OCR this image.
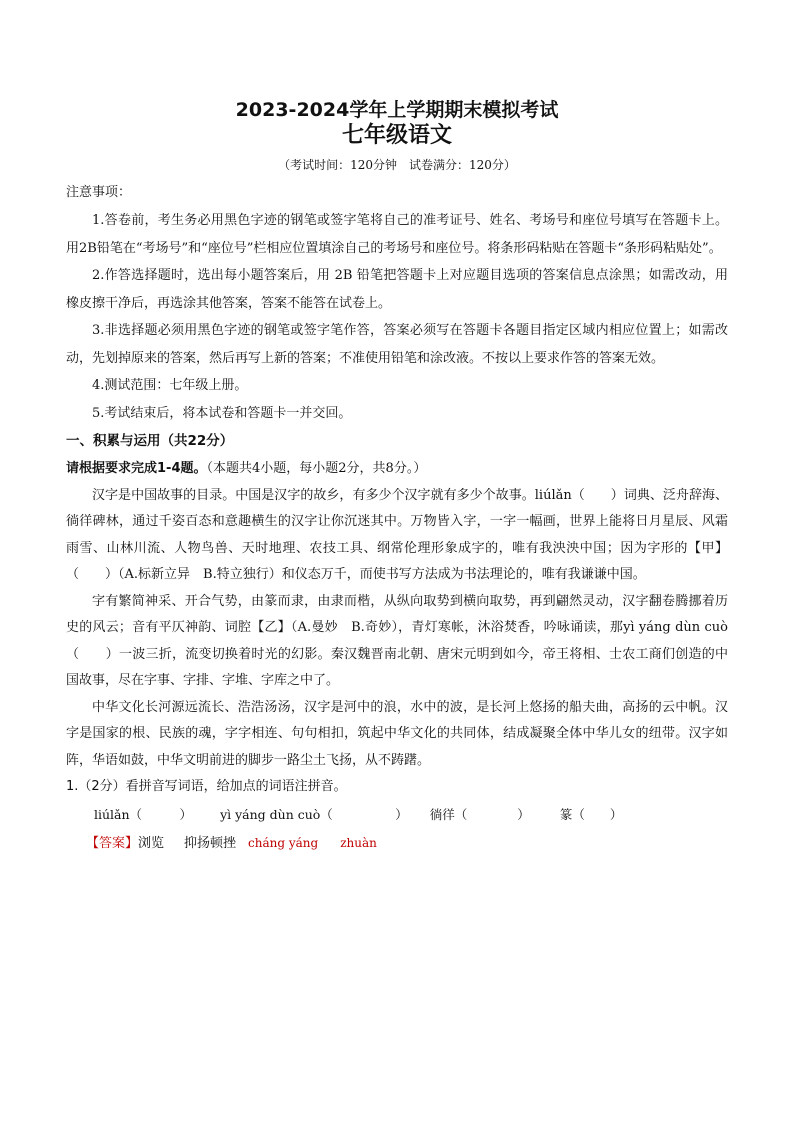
2023-2024学年上学期期末模拟考试
七年级语文
（考试时间：120分钟　试卷满分：120分）
注意事项：

1.答卷前，考生务必用黑色字迹的钢笔或签字笔将自己的准考证号、姓名、考场号和座位号填写在答题卡上。用2B铅笔在“考场号”和“座位号”栏相应位置填涂自己的考场号和座位号。将条形码粘贴在答题卡“条形码粘贴处”。

2.作答选择题时，选出每小题答案后，用 2B 铅笔把答题卡上对应题目选项的答案信息点涂黑；如需改动，用橡皮擦干净后，再选涂其他答案，答案不能答在试卷上。

3.非选择题必须用黑色字迹的钢笔或签字笔作答，答案必须写在答题卡各题目指定区域内相应位置上；如需改动，先划掉原来的答案，然后再写上新的答案；不准使用铅笔和涂改液。不按以上要求作答的答案无效。

4.测试范围：七年级上册。

5.考试结束后，将本试卷和答题卡一并交回。

一、积累与运用（共22分）

请根据要求完成1-4题。（本题共4小题，每小题2分，共8分。）

汉字是中国故事的目录。中国是汉字的故乡，有多少个汉字就有多少个故事。liúlǎn（　　）词典、泛舟辞海、徜徉碑林，通过千姿百态和意趣横生的汉字让你沉迷其中。万物皆入字，一字一幅画，世界上能将日月星辰、风霜雨雪、山林川流、人物鸟兽、天时地理、农技工具、纲常伦理形象成字的，唯有我泱泱中国；因为字形的【甲】（　　）（A.标新立异　B.特立独行）和仪态万千，而使书写方法成为书法理论的，唯有我谦谦中国。

字有繁简神采、开合气势，由篆而隶，由隶而楷，从纵向取势到横向取势，再到翩然灵动，汉字翻卷腾挪着历史的风云；音有平仄神韵、词腔【乙】（A.曼妙　B.奇妙），青灯寒帐，沐浴焚香，吟咏诵读，那yì yáng dùn cuò（　　）一波三折，流变切换着时光的幻影。秦汉魏晋南北朝、唐宋元明到如今，帝王将相、士农工商们创造的中国故事，尽在字事、字排、字堆、字库之中了。

中华文化长河源远流长、浩浩汤汤，汉字是河中的浪，水中的波，是长河上悠扬的船夫曲，高扬的云中帆。汉字是国家的根、民族的魂，字字相连、句句相扣，筑起中华文化的共同体，结成凝聚全体中华儿女的纽带。汉字如阵，华语如鼓，中华文明前进的脚步一路尘土飞扬，从不踌躇。

1.（2分）看拼音写词语，给加点的词语注拼音。
liúlǎn（　　　） yì yáng dùn cuò（　　　　　） 徜徉（　　　　） 篆（　　）
【答案】浏览 抑扬顿挫 cháng yáng zhuàn
